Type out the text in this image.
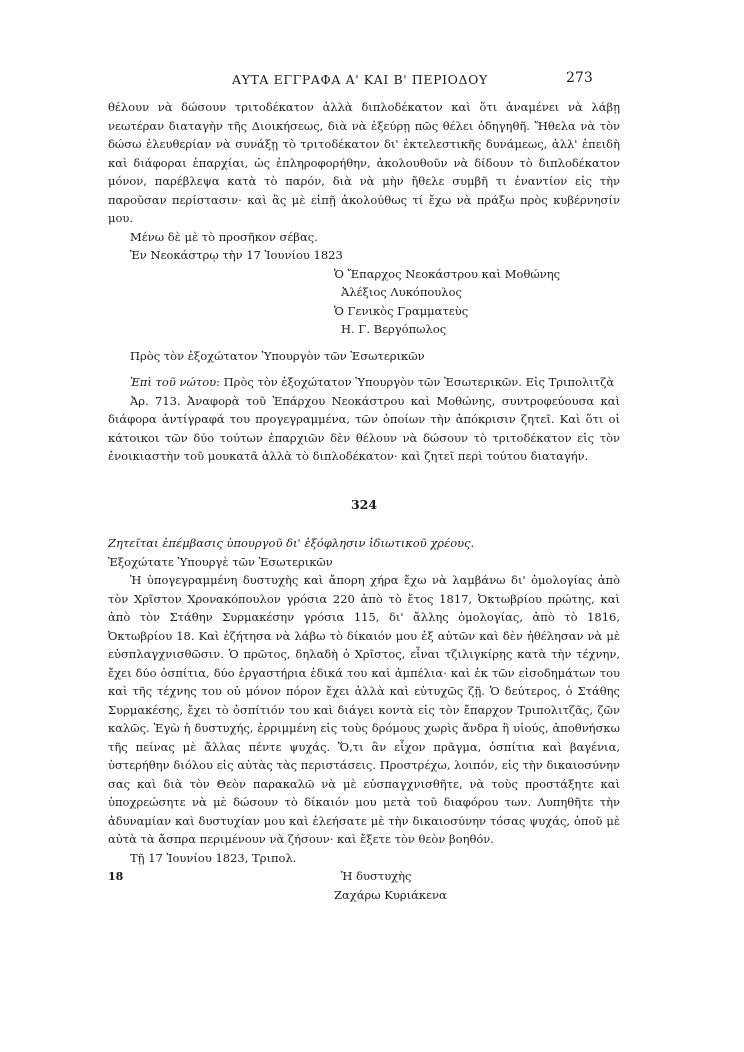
ΑΥΤΑ ΕΓΓΡΑΦΑ Α' ΚΑΙ Β' ΠΕΡΙΟΔΟΥ	273

θέλουν νὰ δώσουν τριτοδέκατον ἀλλὰ διπλοδέκατον καὶ ὅτι ἀναμένει νὰ λάβῃ νεωτέραν διαταγὴν τῆς Διοικήσεως, διὰ νὰ ἐξεύρῃ πῶς θέλει ὁδηγηθῆ. Ἤθελα νὰ τὸν δώσω ἐλευθερίαν νὰ συνάξῃ τὸ τριτοδέκατον δι' ἐκτελεστικῆς δυνάμεως, ἀλλ' ἐπειδὴ καὶ διάφοραι ἐπαρχίαι, ὡς ἐπληροφορήθην, ἀκολουθοῦν νὰ δίδουν τὸ διπλοδέκατον μόνον, παρέβλεψα κατὰ τὸ παρόν, διὰ νὰ μὴν ἤθελε συμβῆ τι ἐναντίον εἰς τὴν παροῦσαν περίστασιν· καὶ ἂς μὲ εἰπῇ ἀκολούθως τί ἔχω νὰ πράξω πρὸς κυβέρνησίν μου.

Μένω δὲ μὲ τὸ προσῆκον σέβας.

Ἐν Νεοκάστρῳ τὴν 17 Ἰουνίου 1823

Ὁ Ἔπαρχος Νεοκάστρου καὶ Μοθώνης

Ἀλέξιος Λυκόπουλος

Ὁ Γενικὸς Γραμματεὺς

Η. Γ. Βεργόπωλος

Πρὸς τὸν ἐξοχώτατον Ὑπουργὸν τῶν Ἐσωτερικῶν

Ἐπὶ τοῦ νώτου: Πρὸς τὸν ἐξοχώτατον Ὑπουργὸν τῶν Ἐσωτερικῶν. Εἰς Τριπολιτζὰ

Ἀρ. 713. Ἀναφορὰ τοῦ Ἐπάρχου Νεοκάστρου καὶ Μοθώνης, συντροφεύουσα καὶ διάφορα ἀντίγραφά του προγεγραμμένα, τῶν ὁποίων τὴν ἀπόκρισιν ζητεῖ. Καὶ ὅτι οἱ κάτοικοι τῶν δύο τούτων ἐπαρχιῶν δὲν θέλουν νὰ δώσουν τὸ τριτοδέκατον εἰς τὸν ἐνοικιαστὴν τοῦ μουκατᾶ ἀλλὰ τὸ διπλοδέκατον· καὶ ζητεῖ περὶ τούτου διαταγήν.

324

Ζητεῖται ἐπέμβασις ὑπουργοῦ δι' ἐξόφλησιν ἰδιωτικοῦ χρέους.

Ἐξοχώτατε Ὑπουργὲ τῶν Ἐσωτερικῶν

Ἡ ὑπογεγραμμένη δυστυχὴς καὶ ἄπορη χήρα ἔχω νὰ λαμβάνω δι' ὁμολογίας ἀπὸ τὸν Χρῖστον Χρονακόπουλον γρόσια 220 ἀπὸ τὸ ἔτος 1817, Ὀκτωβρίου πρώτης, καὶ ἀπὸ τὸν Στάθην Συρμακέσην γρόσια 115, δι' ἄλλης ὁμολογίας, ἀπὸ τὸ 1816, Ὀκτωβρίου 18. Καὶ ἐζήτησα νὰ λάβω τὸ δίκαιόν μου ἐξ αὐτῶν καὶ δὲν ἠθέλησαν νὰ μὲ εὐσπλαγχνισθῶσιν. Ὁ πρῶτος, δηλαδὴ ὁ Χρῖστος, εἶναι τζιλιγκίρης κατὰ τὴν τέχνην, ἔχει δύο ὀσπίτια, δύο ἐργαστήρια ἐδικά του καὶ ἀμπέλια· καὶ ἐκ τῶν εἰσοδημάτων του καὶ τῆς τέχνης του οὐ μόνον πόρον ἔχει ἀλλὰ καὶ εὐτυχῶς ζῇ. Ὁ δεύτερος, ὁ Στάθης Συρμακέσης, ἔχει τὸ ὀσπίτιόν του καὶ διάγει κοντὰ εἰς τὸν ἔπαρχον Τριπολιτζᾶς, ζῶν καλῶς. Ἐγὼ ἡ δυστυχής, ἐρριμμένη εἰς τοὺς δρόμους χωρὶς ἄνδρα ἢ υἱούς, ἀποθνήσκω τῆς πείνας μὲ ἄλλας πέντε ψυχάς. Ὅ,τι ἂν εἶχον πρᾶγμα, ὀσπίτια καὶ βαγένια, ὑστερήθην διόλου εἰς αὐτὰς τὰς περιστάσεις. Προστρέχω, λοιπόν, εἰς τὴν δικαιοσύνην σας καὶ διὰ τὸν Θεὸν παρακαλῶ νὰ μὲ εὐσπαγχνισθῆτε, νὰ τοὺς προστάξητε καὶ ὑποχρεώσητε νὰ μὲ δώσουν τὸ δίκαιόν μου μετὰ τοῦ διαφόρου των. Λυπηθῆτε τὴν ἀδυναμίαν καὶ δυστυχίαν μου καὶ ἐλεήσατε μὲ τὴν δικαιοσύνην τόσας ψυχάς, ὁποῦ μὲ αὐτὰ τὰ ἄσπρα περιμένουν νὰ ζήσουν· καὶ ἔξετε τὸν θεὸν βοηθόν.

Τῇ 17 Ἰουνίου 1823, Τριπολ.

Ἡ δυστυχὴς

Ζαχάρω Κυριάκενα

18
